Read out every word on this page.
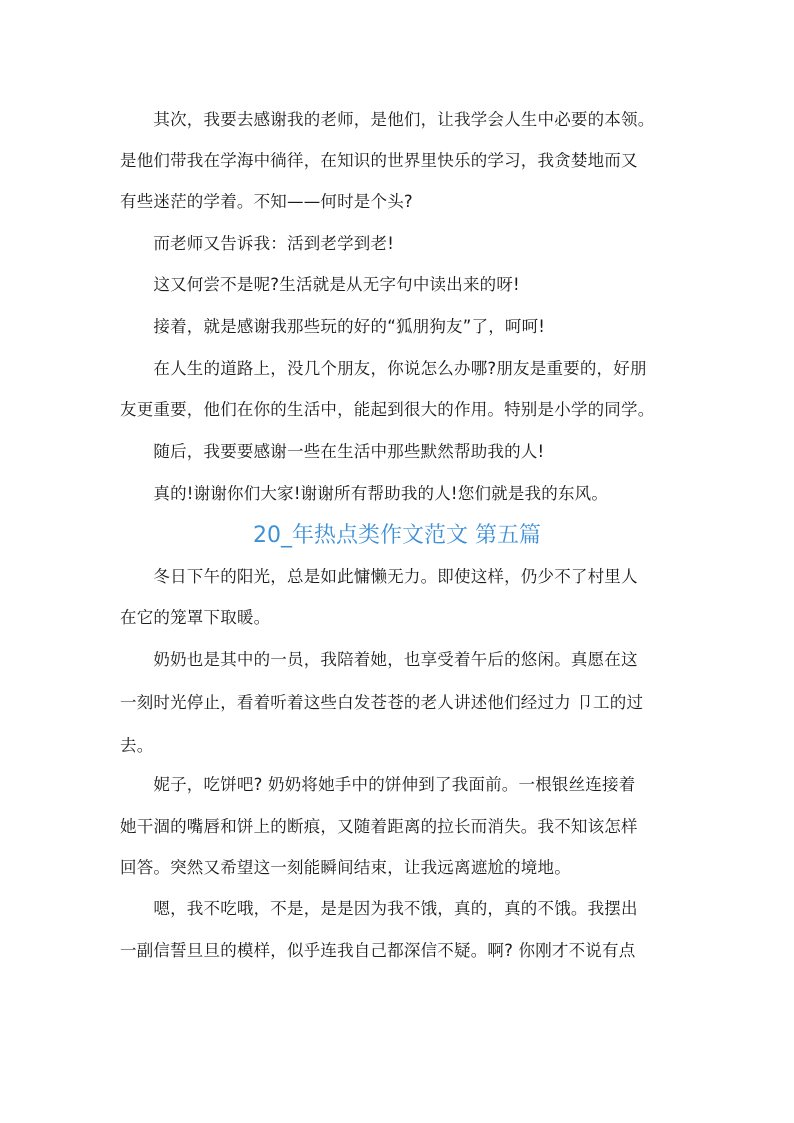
　　其次，我要去感谢我的老师，是他们，让我学会人生中必要的本领。
是他们带我在学海中徜徉，在知识的世界里快乐的学习，我贪婪地而又
有些迷茫的学着。不知——何时是个头?
　　而老师又告诉我：活到老学到老!
　　这又何尝不是呢?生活就是从无字句中读出来的呀!
　　接着，就是感谢我那些玩的好的“狐朋狗友”了，呵呵!
　　在人生的道路上，没几个朋友，你说怎么办哪?朋友是重要的，好朋
友更重要，他们在你的生活中，能起到很大的作用。特别是小学的同学。
　　随后，我要要感谢一些在生活中那些默然帮助我的人!
　　真的!谢谢你们大家!谢谢所有帮助我的人!您们就是我的东风。
20_年热点类作文范文 第五篇
　　冬日下午的阳光，总是如此慵懒无力。即使这样，仍少不了村里人
在它的笼罩下取暖。
　　奶奶也是其中的一员，我陪着她，也享受着午后的悠闲。真愿在这
一刻时光停止，看着听着这些白发苍苍的老人讲述他们经过力 卩工的过
去。
　　妮子，吃饼吧? 奶奶将她手中的饼伸到了我面前。一根银丝连接着
她干涸的嘴唇和饼上的断痕，又随着距离的拉长而消失。我不知该怎样
回答。突然又希望这一刻能瞬间结束，让我远离遮尬的境地。
　　嗯，我不吃哦，不是，是是因为我不饿，真的，真的不饿。我摆出
一副信誓旦旦的模样，似乎连我自己都深信不疑。啊? 你刚才不说有点
